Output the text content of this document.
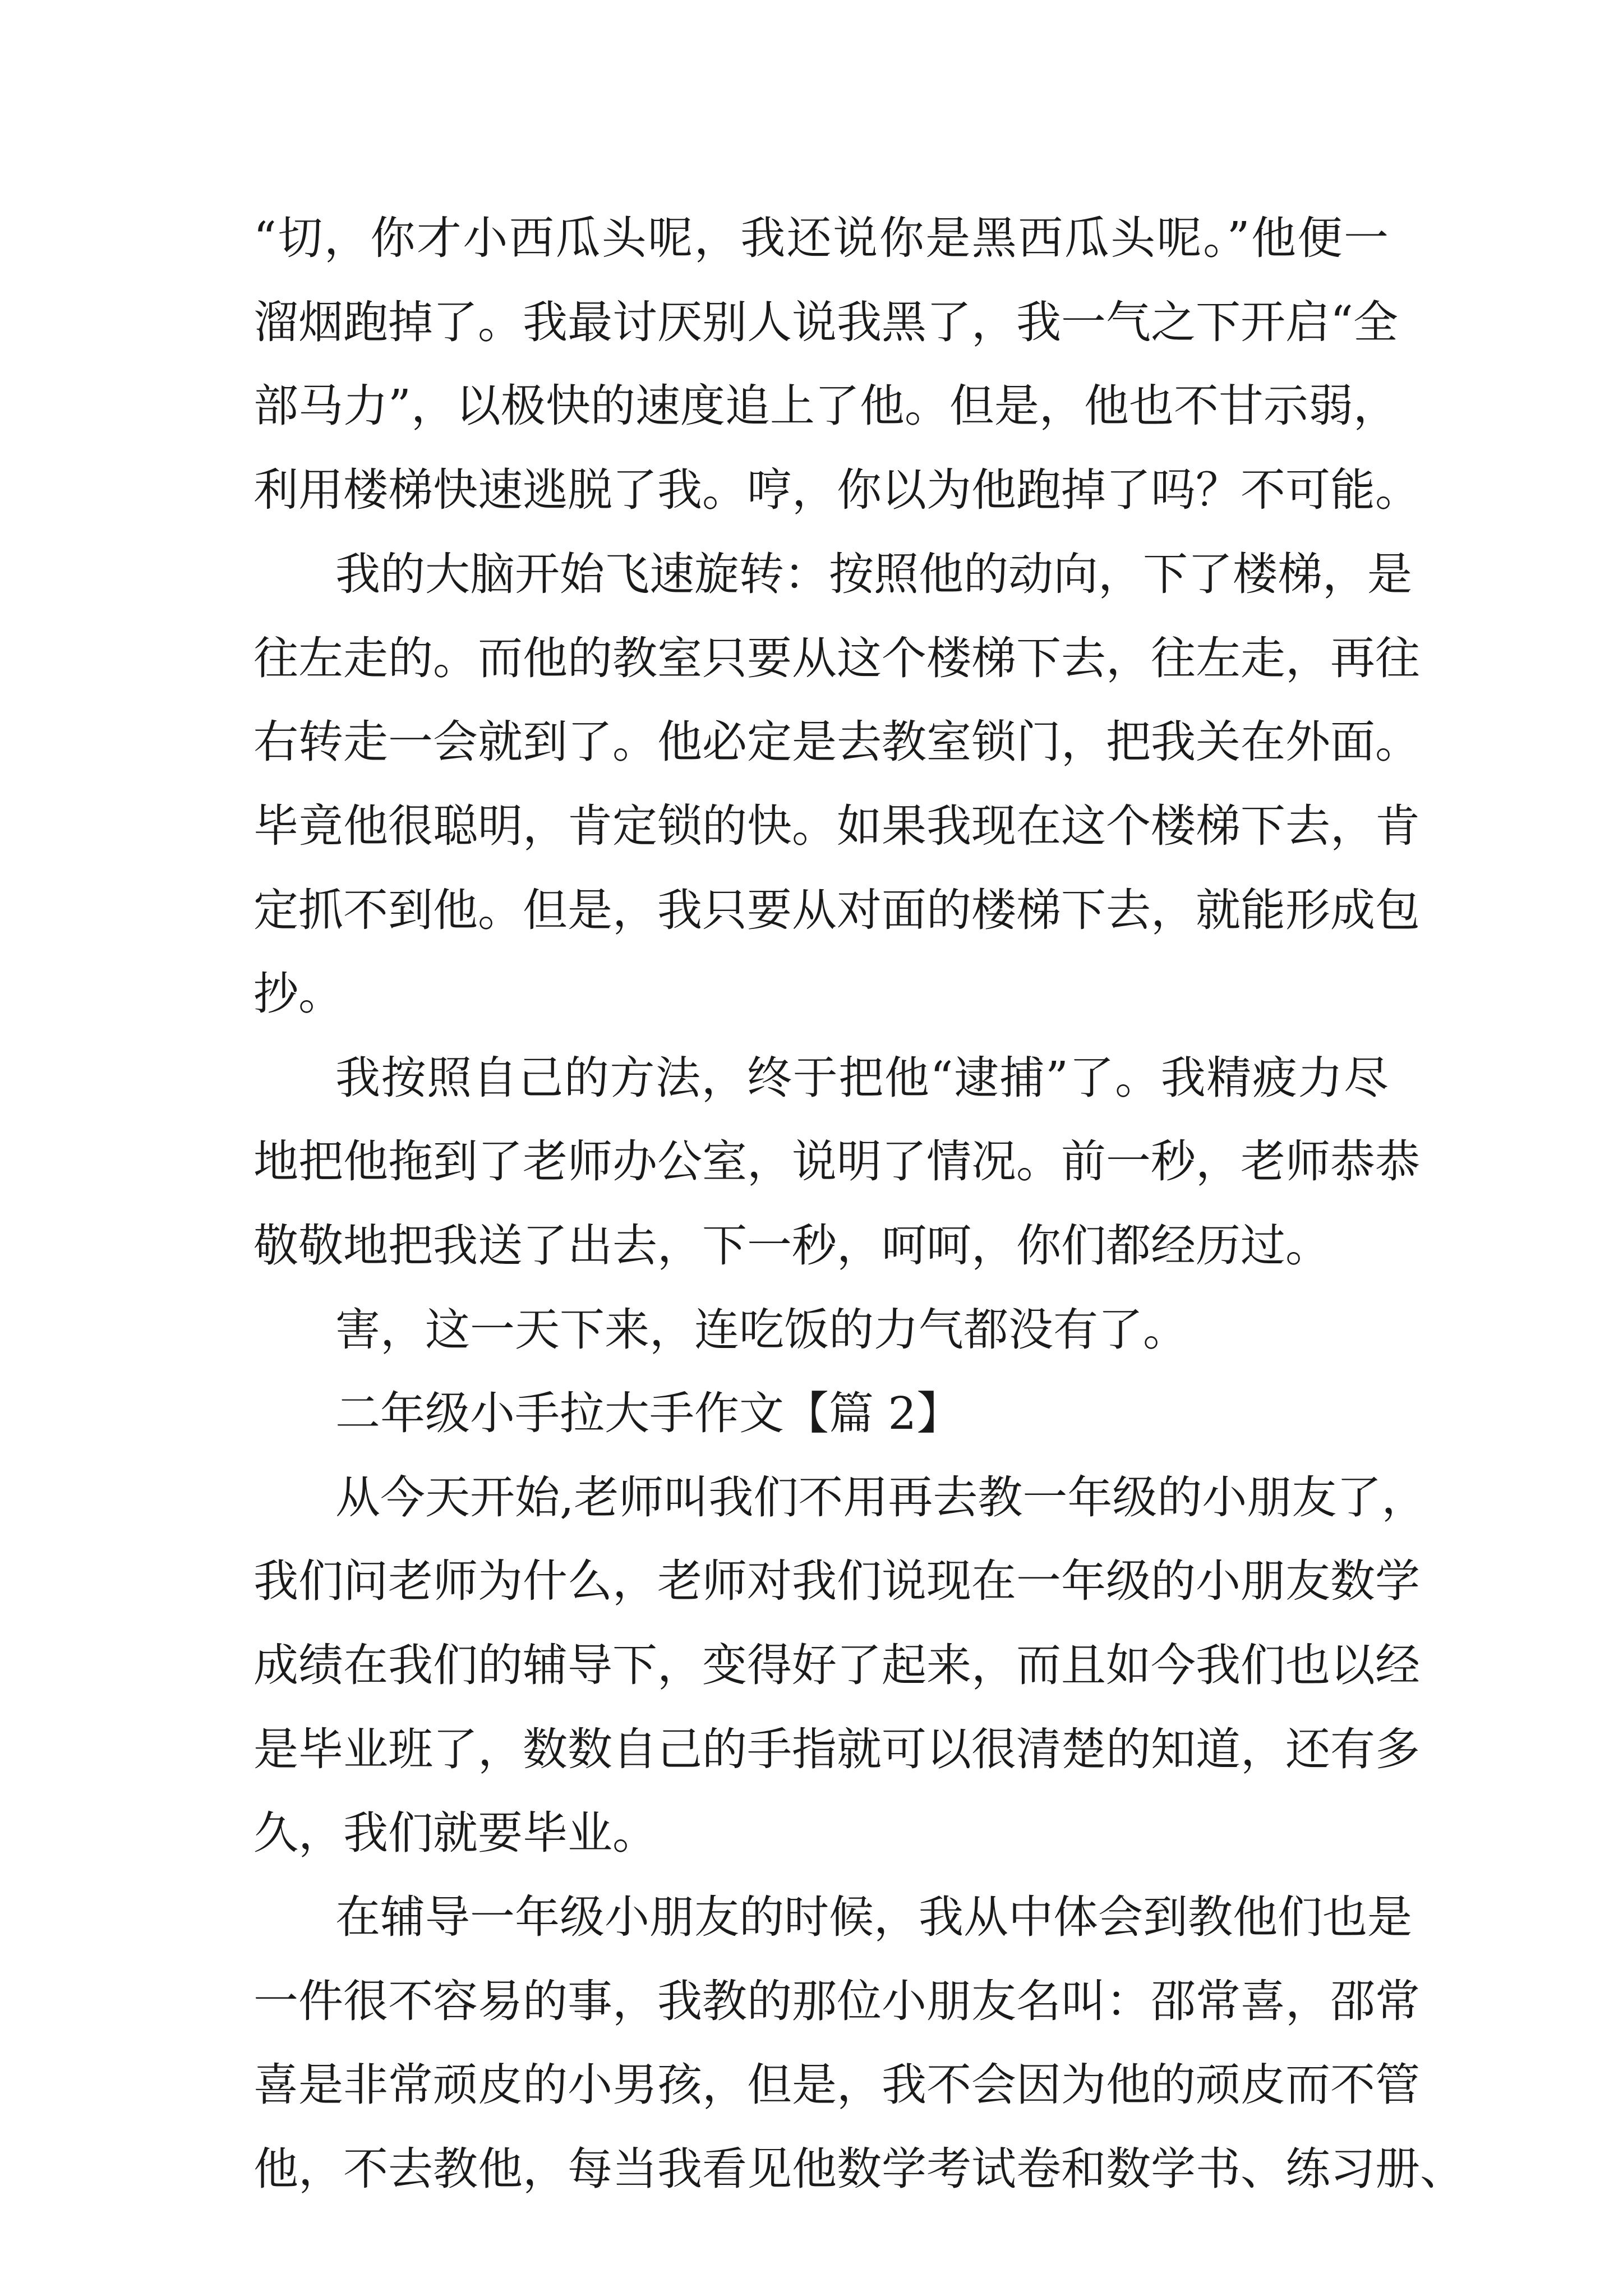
“切，你才小西瓜头呢，我还说你是黑西瓜头呢。”他便一
溜烟跑掉了。我最讨厌别人说我黑了，我一气之下开启“全
部马力”，以极快的速度追上了他。但是，他也不甘示弱，
利用楼梯快速逃脱了我。哼，你以为他跑掉了吗？不可能。
我的大脑开始飞速旋转：按照他的动向，下了楼梯，是
往左走的。而他的教室只要从这个楼梯下去，往左走，再往
右转走一会就到了。他必定是去教室锁门，把我关在外面。
毕竟他很聪明，肯定锁的快。如果我现在这个楼梯下去，肯
定抓不到他。但是，我只要从对面的楼梯下去，就能形成包
抄。
我按照自己的方法，终于把他“逮捕”了。我精疲力尽
地把他拖到了老师办公室，说明了情况。前一秒，老师恭恭
敬敬地把我送了出去，下一秒，呵呵，你们都经历过。
害，这一天下来，连吃饭的力气都没有了。
二年级小手拉大手作文【篇 2】
从今天开始,老师叫我们不用再去教一年级的小朋友了，
我们问老师为什么，老师对我们说现在一年级的小朋友数学
成绩在我们的辅导下，变得好了起来，而且如今我们也以经
是毕业班了，数数自己的手指就可以很清楚的知道，还有多
久，我们就要毕业。
在辅导一年级小朋友的时候，我从中体会到教他们也是
一件很不容易的事，我教的那位小朋友名叫：邵常喜，邵常
喜是非常顽皮的小男孩，但是，我不会因为他的顽皮而不管
他，不去教他，每当我看见他数学考试卷和数学书、练习册、
